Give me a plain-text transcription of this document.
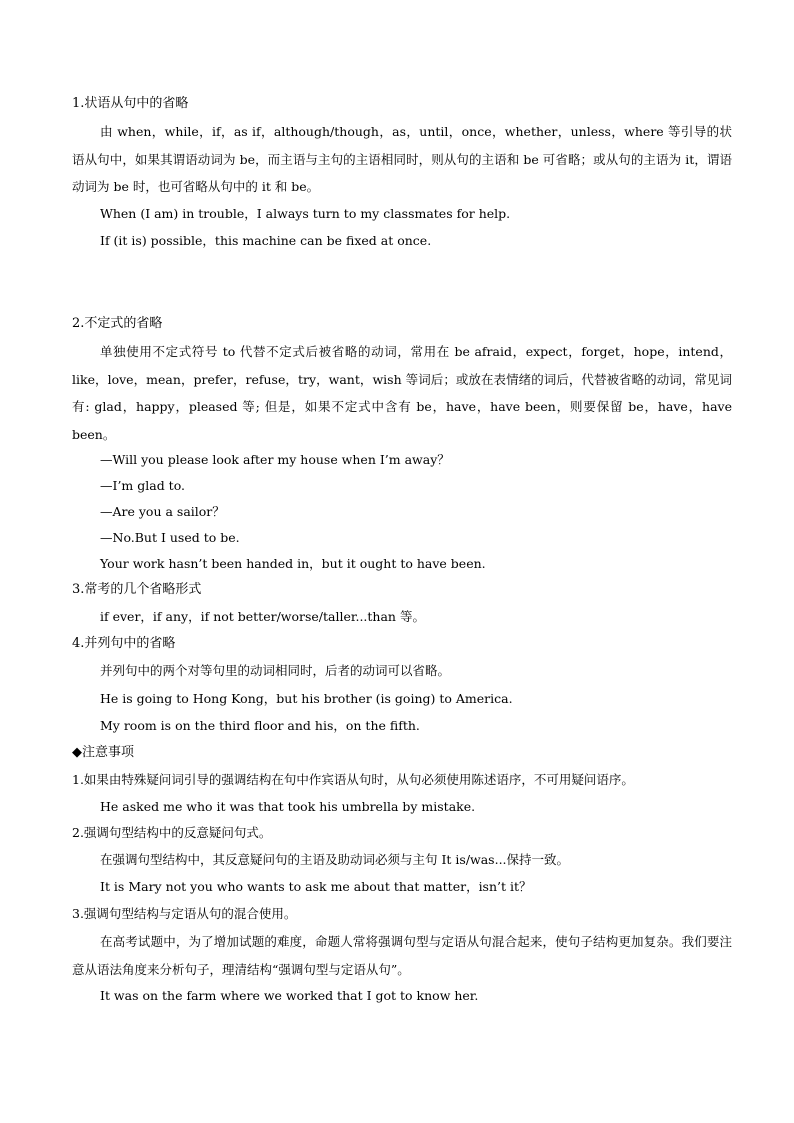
1.状语从句中的省略
由 when，while，if，as if，although/though，as，until，once，whether，unless，where 等引导的状语从句中，如果其谓语动词为 be，而主语与主句的主语相同时，则从句的主语和 be 可省略；或从句的主语为 it，谓语动词为 be 时，也可省略从句中的 it 和 be。
When (I am) in trouble，I always turn to my classmates for help.
If (it is) possible，this machine can be fixed at once.
2.不定式的省略
单独使用不定式符号 to 代替不定式后被省略的动词，常用在 be afraid，expect，forget，hope，intend，like，love，mean，prefer，refuse，try，want，wish 等词后；或放在表情绪的词后，代替被省略的动词，常见词有: glad，happy，pleased 等; 但是，如果不定式中含有 be，have，have been，则要保留 be，have，have been。
—Will you please look after my house when I’m away？
—I’m glad to.
—Are you a sailor？
—No.But I used to be.
Your work hasn’t been handed in，but it ought to have been.
3.常考的几个省略形式
if ever，if any，if not better/worse/taller...than 等。
4.并列句中的省略
并列句中的两个对等句里的动词相同时，后者的动词可以省略。
He is going to Hong Kong，but his brother (is going) to America.
My room is on the third floor and his，on the fifth.
◆注意事项
1.如果由特殊疑问词引导的强调结构在句中作宾语从句时，从句必须使用陈述语序，不可用疑问语序。
He asked me who it was that took his umbrella by mistake.
2.强调句型结构中的反意疑问句式。
在强调句型结构中，其反意疑问句的主语及助动词必须与主句 It is/was...保持一致。
It is Mary not you who wants to ask me about that matter，isn’t it？
3.强调句型结构与定语从句的混合使用。
在高考试题中，为了增加试题的难度，命题人常将强调句型与定语从句混合起来，使句子结构更加复杂。我们要注意从语法角度来分析句子，理清结构“强调句型与定语从句”。
It was on the farm where we worked that I got to know her.
